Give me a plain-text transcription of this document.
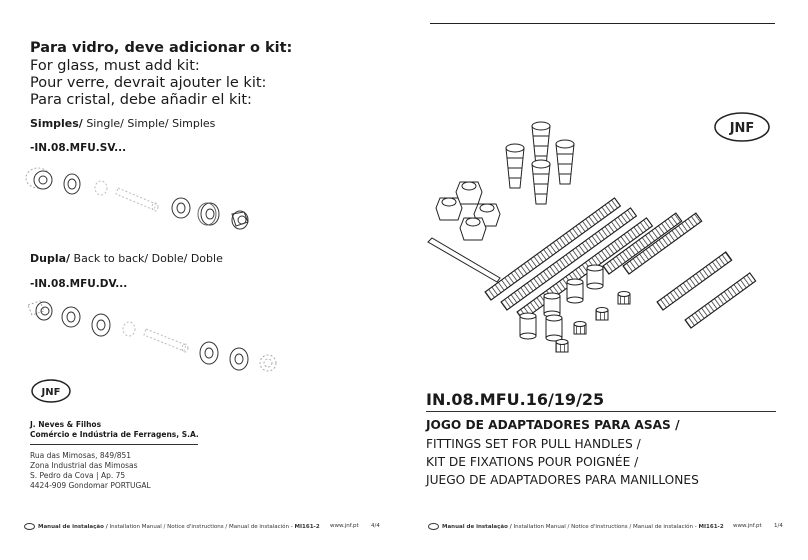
Para vidro, deve adicionar o kit:
For glass, must add kit:
Pour verre, devrait ajouter le kit:
Para cristal, debe añadir el kit:
Simples/ Single/ Simple/ Simples
-IN.08.MFU.SV...
Dupla/ Back to back/ Doble/ Doble
-IN.08.MFU.DV...
JNF
J. Neves & Filhos
Comércio e Indústria de Ferragens, S.A.
Rua das Mimosas, 849/851
Zona Industrial das Mimosas
S. Pedro da Cova | Ap. 75
4424-909 Gondomar PORTUGAL
Manual de instalação / Installation Manual / Notice d'instructions / Manual de instalación - MI161-2 www.jnf.pt 4/4
JNF
IN.08.MFU.16/19/25
JOGO DE ADAPTADORES PARA ASAS /
FITTINGS SET FOR PULL HANDLES /
KIT DE FIXATIONS POUR POIGNÉE /
JUEGO DE ADAPTADORES PARA MANILLONES
Manual de instalação / Installation Manual / Notice d'instructions / Manual de instalación - MI161-2 www.jnf.pt 1/4
